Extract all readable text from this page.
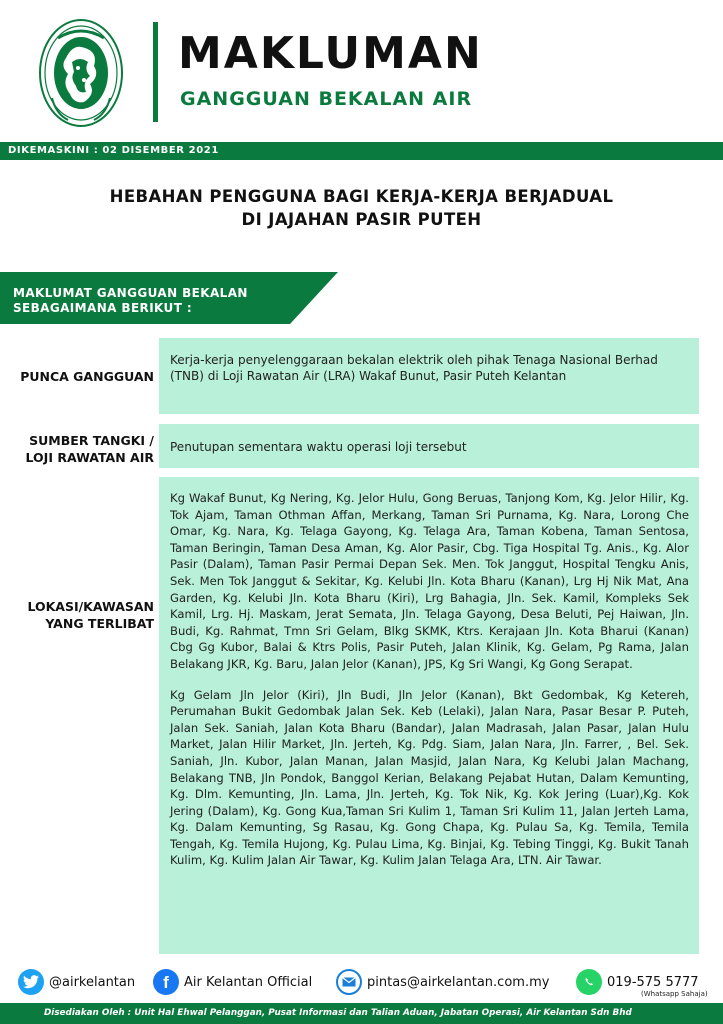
MAKLUMAN
GANGGUAN BEKALAN AIR
DIKEMASKINI : 02 DISEMBER 2021
HEBAHAN PENGGUNA BAGI KERJA-KERJA BERJADUAL
DI JAJAHAN PASIR PUTEH
MAKLUMAT GANGGUAN BEKALAN
SEBAGAIMANA BERIKUT :
PUNCA GANGGUAN

Kerja-kerja penyelenggaraan bekalan elektrik oleh pihak Tenaga Nasional Berhad (TNB) di Loji Rawatan Air (LRA) Wakaf Bunut, Pasir Puteh Kelantan

SUMBER TANGKI /
LOJI RAWATAN AIR

Penutupan sementara waktu operasi loji tersebut

LOKASI/KAWASAN
YANG TERLIBAT

Kg Wakaf Bunut, Kg Nering, Kg. Jelor Hulu, Gong Beruas, Tanjong Kom, Kg. Jelor Hilir, Kg. Tok Ajam, Taman Othman Affan, Merkang, Taman Sri Purnama, Kg. Nara, Lorong Che Omar, Kg. Nara, Kg. Telaga Gayong, Kg. Telaga Ara, Taman Kobena, Taman Sentosa, Taman Beringin, Taman Desa Aman, Kg. Alor Pasir, Cbg. Tiga Hospital Tg. Anis., Kg. Alor Pasir (Dalam), Taman Pasir Permai Depan Sek. Men. Tok Janggut, Hospital Tengku Anis, Sek. Men Tok Janggut & Sekitar, Kg. Kelubi Jln. Kota Bharu (Kanan), Lrg Hj Nik Mat, Ana Garden, Kg. Kelubi Jln. Kota Bharu (Kiri), Lrg Bahagia, Jln. Sek. Kamil, Kompleks Sek Kamil, Lrg. Hj. Maskam, Jerat Semata, Jln. Telaga Gayong, Desa Beluti, Pej Haiwan, Jln. Budi, Kg. Rahmat, Tmn Sri Gelam, Blkg SKMK, Ktrs. Kerajaan Jln. Kota Bharui (Kanan) Cbg Gg Kubor, Balai & Ktrs Polis, Pasir Puteh, Jalan Klinik, Kg. Gelam, Pg Rama, Jalan Belakang JKR, Kg. Baru, Jalan Jelor (Kanan), JPS, Kg Sri Wangi, Kg Gong Serapat.

Kg Gelam Jln Jelor (Kiri), Jln Budi, Jln Jelor (Kanan), Bkt Gedombak, Kg Ketereh, Perumahan Bukit Gedombak Jalan Sek. Keb (Lelaki), Jalan Nara, Pasar Besar P. Puteh, Jalan Sek. Saniah, Jalan Kota Bharu (Bandar), Jalan Madrasah, Jalan Pasar, Jalan Hulu Market, Jalan Hilir Market, Jln. Jerteh, Kg. Pdg. Siam, Jalan Nara, Jln. Farrer, , Bel. Sek. Saniah, Jln. Kubor, Jalan Manan, Jalan Masjid, Jalan Nara, Kg Kelubi Jalan Machang, Belakang TNB, Jln Pondok, Banggol Kerian, Belakang Pejabat Hutan, Dalam Kemunting, Kg. Dlm. Kemunting, Jln. Lama, Jln. Jerteh, Kg. Tok Nik, Kg. Kok Jering (Luar),Kg. Kok Jering (Dalam), Kg. Gong Kua,Taman Sri Kulim 1, Taman Sri Kulim 11, Jalan Jerteh Lama, Kg. Dalam Kemunting, Sg Rasau, Kg. Gong Chapa, Kg. Pulau Sa, Kg. Temila, Temila Tengah, Kg. Temila Hujong, Kg. Pulau Lima, Kg. Binjai, Kg. Tebing Tinggi, Kg. Bukit Tanah Kulim, Kg. Kulim Jalan Air Tawar, Kg. Kulim Jalan Telaga Ara, LTN. Air Tawar.

@airkelantan f Air Kelantan Official	pintas@airkelantan.com.my	019-575 5777
(Whatsapp Sahaja)
Disediakan Oleh : Unit Hal Ehwal Pelanggan, Pusat Informasi dan Talian Aduan, Jabatan Operasi, Air Kelantan Sdn Bhd
